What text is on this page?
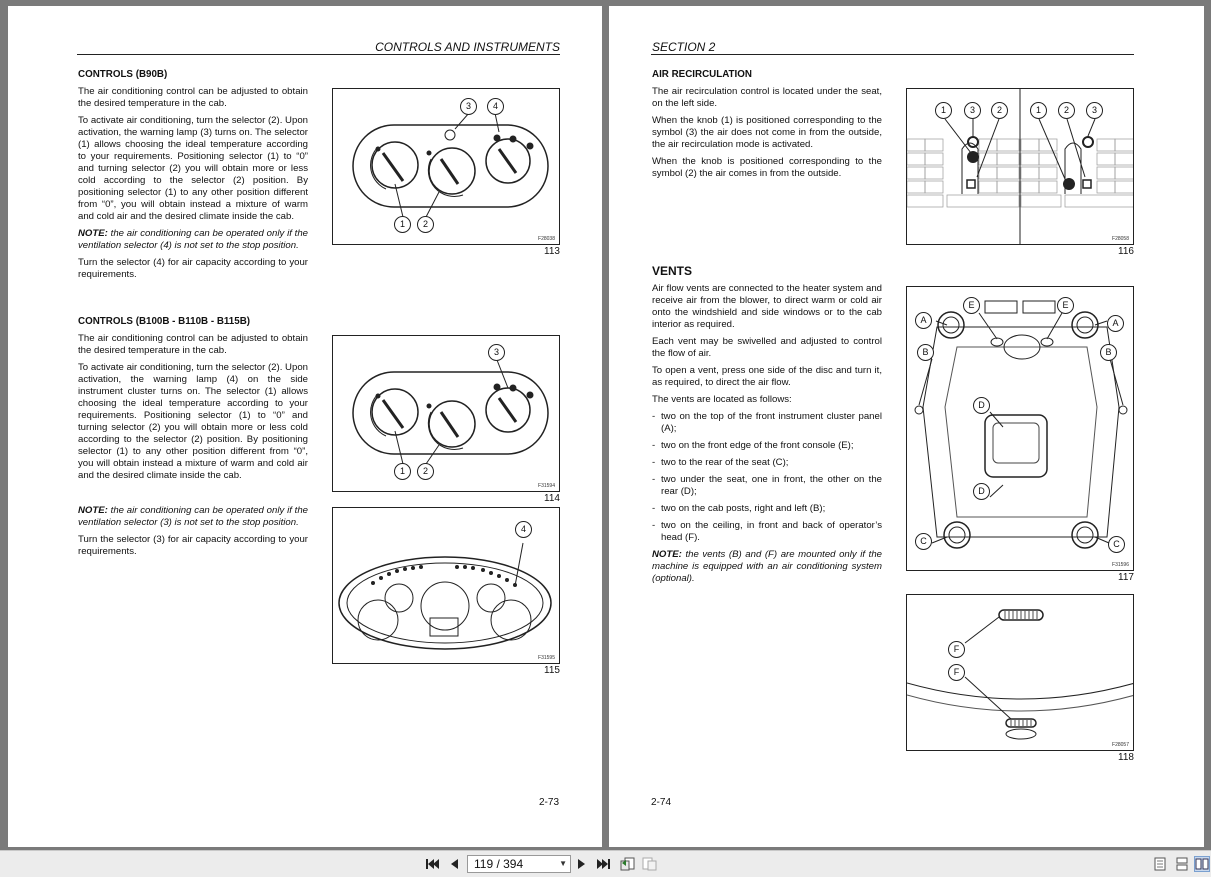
CONTROLS AND INSTRUMENTS
CONTROLS (B90B)

The air conditioning control can be adjusted to obtain the desired temperature in the cab.

To activate air conditioning, turn the selector (2). Upon activation, the warning lamp (3) turns on. The selector (1) allows choosing the ideal temperature according to your requirements. Positioning selector (1) to “0” and turning selector (2) you will obtain more or less cold according to the selector (2) position. By positioning selector (1) to any other position different from “0”, you will obtain instead a mixture of warm and cold air and the desired climate inside the cab.

NOTE: the air conditioning can be operated only if the ventilation selector (4) is not set to the stop position.

Turn the selector (4) for air capacity according to your requirements.

CONTROLS (B100B - B110B - B115B)

The air conditioning control can be adjusted to obtain the desired temperature in the cab.

To activate air conditioning, turn the selector (2). Upon activation, the warning lamp (4) on the side instrument cluster turns on. The selector (1) allows choosing the ideal temperature according to your requirements. Positioning selector (1) to “0” and turning selector (2) you will obtain more or less cold according to the selector (2) position. By positioning selector (1) to any other position different from “0”, you will obtain instead a mixture of warm and cold air and the desired climate inside the cab.

NOTE: the air conditioning can be operated only if the ventilation selector (3) is not set to the stop position.

Turn the selector (3) for air capacity according to your requirements.

3	4
1	2
F28038
113
3
1	2
F31594
114
4
F31595
115
2-73
SECTION 2
AIR RECIRCULATION

The air recirculation control is located under the seat, on the left side.

When the knob (1) is positioned corresponding to the symbol (3) the air does not come in from the outside, the air recirculation mode is activated.

When the knob is positioned corresponding to the symbol (2) the air comes in from the outside.

VENTS

Air flow vents are connected to the heater system and receive air from the blower, to direct warm or cold air onto the windshield and side windows or to the cab interior as required.

Each vent may be swivelled and adjusted to control the flow of air.

To open a vent, press one side of the disc and turn it, as required, to direct the air flow.

The vents are located as follows:

- two on the top of the front instrument cluster panel (A);
- two on the front edge of the front console (E);
- two to the rear of the seat (C);
- two under the seat, one in front, the other on the rear (D);
- two on the cab posts, right and left (B);
- two on the ceiling, in front and back of operator’s head (F).

NOTE: the vents (B) and (F) are mounted only if the machine is equipped with an air conditioning system (optional).

1	3	2	1	2	3
F28058
116
E	E
A	A
B	B
D
D
C	C
F31596
117
F
F
F28057
118
2-74
119 / 394	▼
